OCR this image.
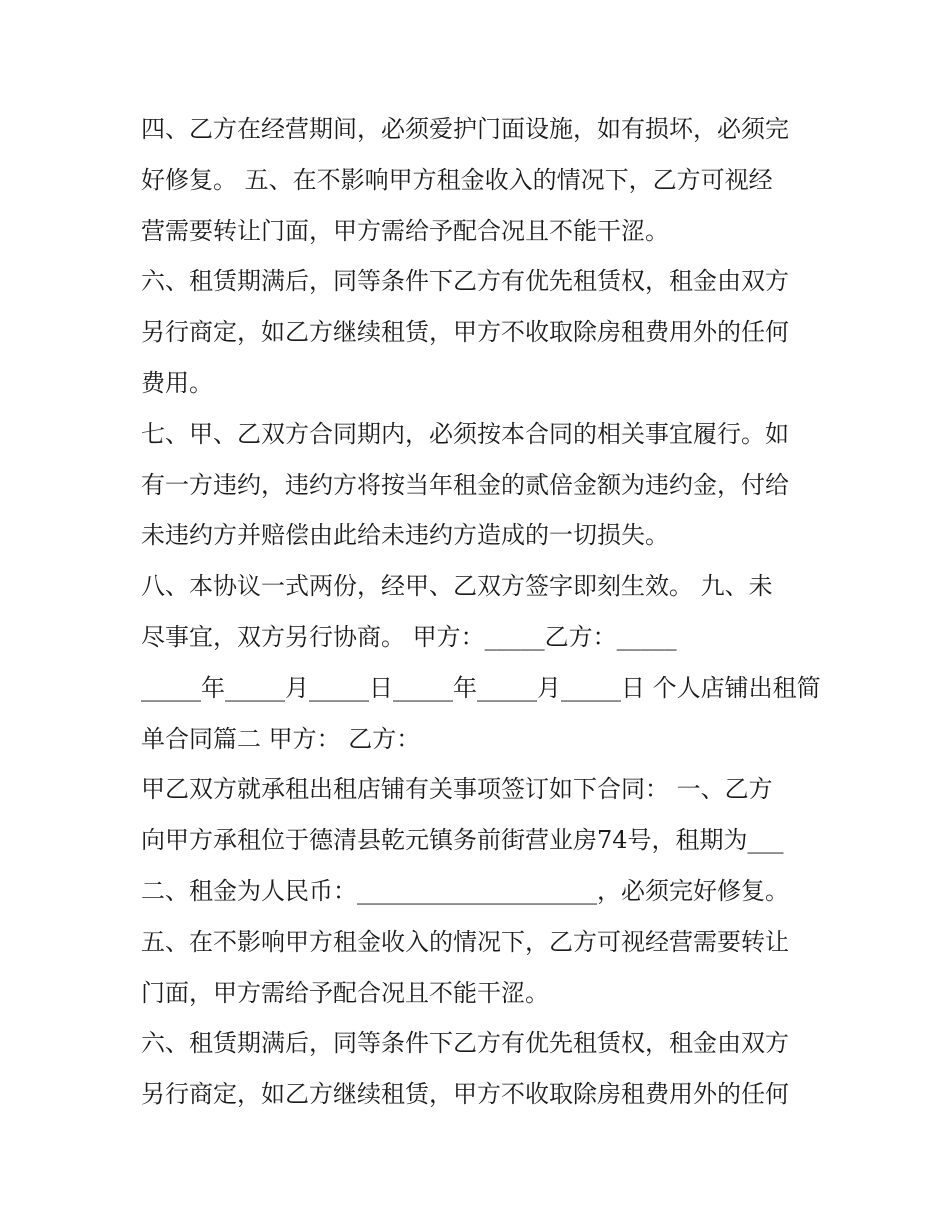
四、乙方在经营期间，必须爱护门面设施，如有损坏，必须完
好修复。 五、在不影响甲方租金收入的情况下，乙方可视经
营需要转让门面，甲方需给予配合况且不能干涩。
六、租赁期满后，同等条件下乙方有优先租赁权，租金由双方
另行商定，如乙方继续租赁，甲方不收取除房租费用外的任何
费用。
七、甲、乙双方合同期内，必须按本合同的相关事宜履行。如
有一方违约，违约方将按当年租金的贰倍金额为违约金，付给
未违约方并赔偿由此给未违约方造成的一切损失。
八、本协议一式两份，经甲、乙双方签字即刻生效。 九、未
尽事宜，双方另行协商。 甲方：_____乙方：_____
_____年_____月_____日_____年_____月_____日 个人店铺出租简
单合同篇二 甲方： 乙方：
甲乙双方就承租出租店铺有关事项签订如下合同： 一、乙方
向甲方承租位于德清县乾元镇务前街营业房74号，租期为___
二、租金为人民币：____________________，必须完好修复。
五、在不影响甲方租金收入的情况下，乙方可视经营需要转让
门面，甲方需给予配合况且不能干涩。
六、租赁期满后，同等条件下乙方有优先租赁权，租金由双方
另行商定，如乙方继续租赁，甲方不收取除房租费用外的任何
